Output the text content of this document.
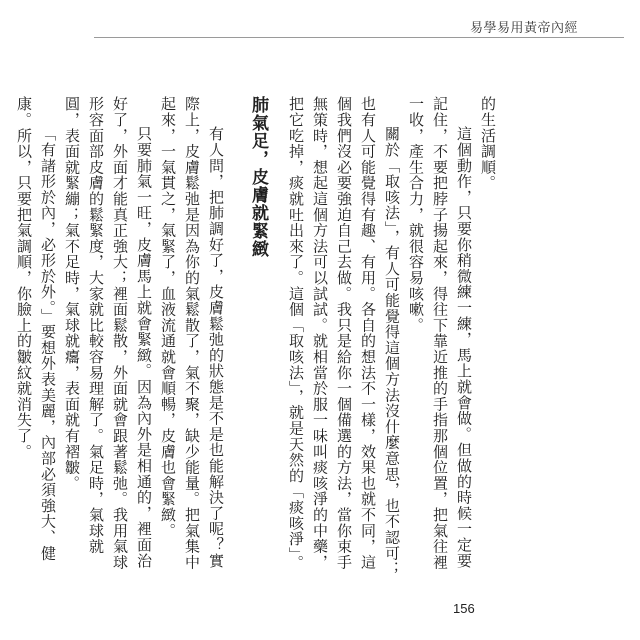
易學易用黃帝內經

的生活調順。

這個動作，只要你稍微練一練，馬上就會做。但做的時候一定要記住，不要把脖子揚起來，得往下靠近推的手指那個位置，把氣往裡一收，產生合力，就很容易咳嗽。

關於「取咳法」，有人可能覺得這個方法沒什麼意思，也不認可；也有人可能覺得有趣、有用。各自的想法不一樣，效果也就不同，這個我們沒必要強迫自己去做。我只是給你一個備選的方法，當你束手無策時，想起這個方法可以試試。就相當於服一味叫痰咳淨的中藥，把它吃掉，痰就吐出來了。這個「取咳法」，就是天然的「痰咳淨」。

肺氣足，皮膚就緊緻

有人問，把肺調好了，皮膚鬆弛的狀態是不是也能解決了呢？實際上，皮膚鬆弛是因為你的氣鬆散了，氣不聚，缺少能量。把氣集中起來，一氣貫之，氣緊了，血液流通就會順暢，皮膚也會緊緻。

只要肺氣一旺，皮膚馬上就會緊緻。因為內外是相通的，裡面治好了，外面才能真正強大；裡面鬆散，外面就會跟著鬆弛。我用氣球形容面部皮膚的鬆緊度，大家就比較容易理解了。氣足時，氣球就圓，表面就緊繃；氣不足時，氣球就癟，表面就有褶皺。

「有諸形於內，必形於外。」要想外表美麗，內部必須強大、健康。所以，只要把氣調順，你臉上的皺紋就消失了。

156
